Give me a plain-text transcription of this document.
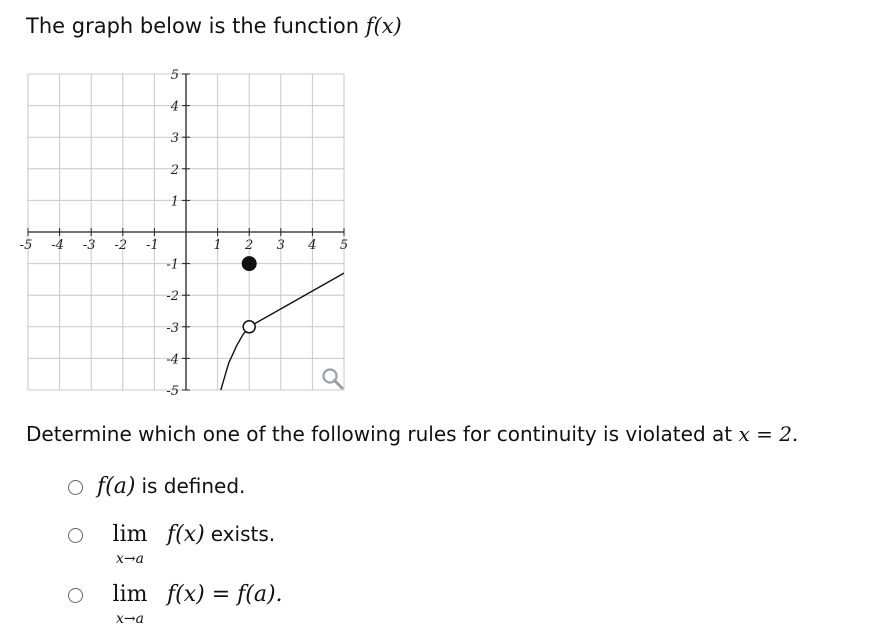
The graph below is the function f(x)
-5 -4 -3 -2 -1	1 2 3 4 5
5
4
3
2
1
-1
-2
-3
-4
-5
Determine which one of the following rules for continuity is violated at x = 2.
f(a) is defined.
lim
x→a
f(x) exists.
lim
x→a
f(x) = f(a).
